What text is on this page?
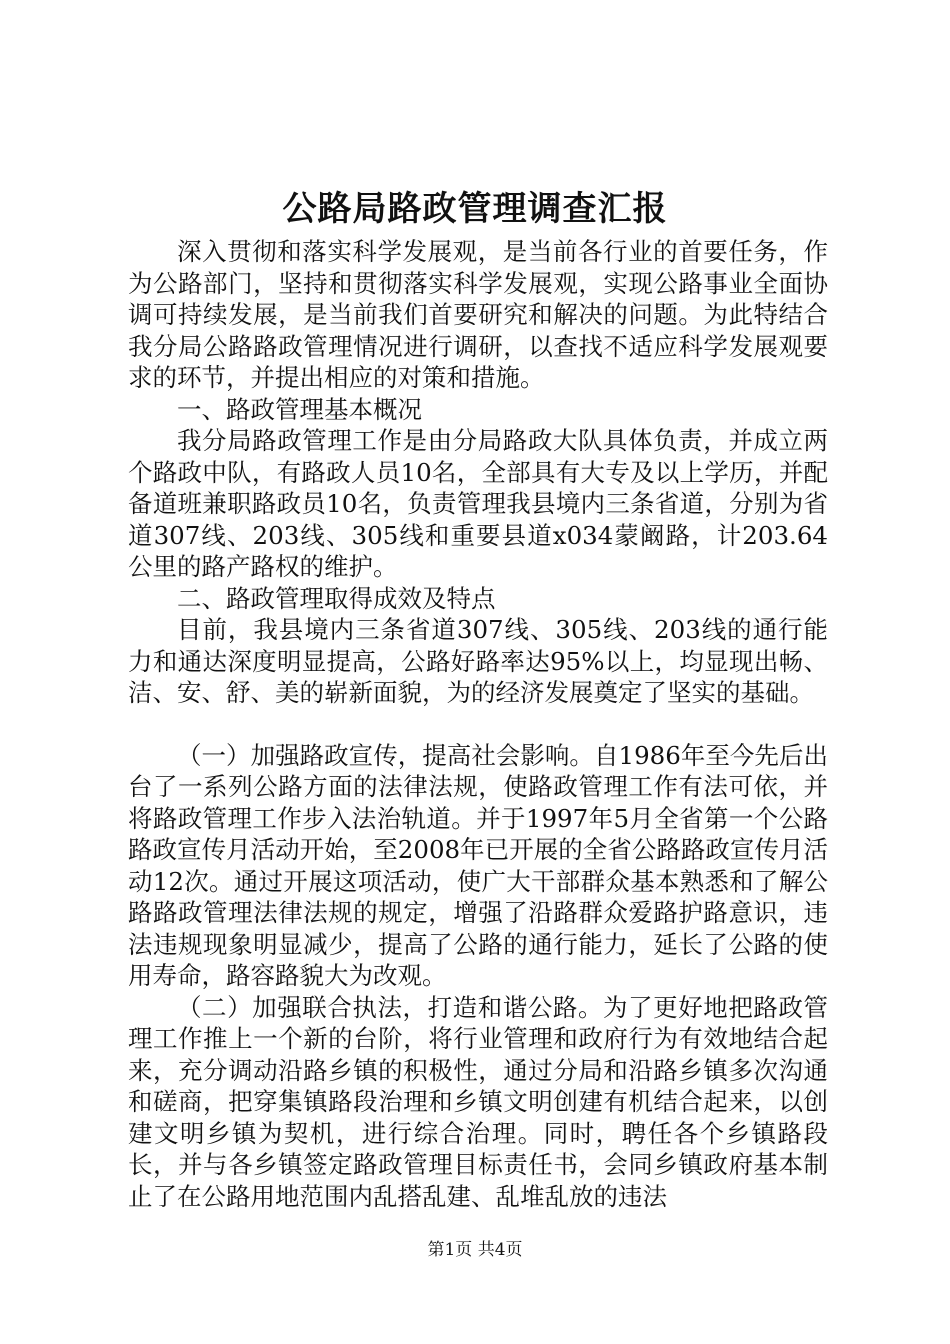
公路局路政管理调查汇报

深入贯彻和落实科学发展观，是当前各行业的首要任务，作为公路部门，坚持和贯彻落实科学发展观，实现公路事业全面协调可持续发展，是当前我们首要研究和解决的问题。为此特结合我分局公路路政管理情况进行调研，以查找不适应科学发展观要求的环节，并提出相应的对策和措施。

一、路政管理基本概况

我分局路政管理工作是由分局路政大队具体负责，并成立两个路政中队，有路政人员10名，全部具有大专及以上学历，并配备道班兼职路政员10名，负责管理我县境内三条省道，分别为省道307线、203线、305线和重要县道x034蒙阚路，计203.64公里的路产路权的维护。

二、路政管理取得成效及特点

目前，我县境内三条省道307线、305线、203线的通行能力和通达深度明显提高，公路好路率达95%以上，均显现出畅、洁、安、舒、美的崭新面貌，为的经济发展奠定了坚实的基础。

（一）加强路政宣传，提高社会影响。自1986年至今先后出台了一系列公路方面的法律法规，使路政管理工作有法可依，并将路政管理工作步入法治轨道。并于1997年5月全省第一个公路路政宣传月活动开始，至2008年已开展的全省公路路政宣传月活动12次。通过开展这项活动，使广大干部群众基本熟悉和了解公路路政管理法律法规的规定，增强了沿路群众爱路护路意识，违法违规现象明显减少，提高了公路的通行能力，延长了公路的使用寿命，路容路貌大为改观。

（二）加强联合执法，打造和谐公路。为了更好地把路政管理工作推上一个新的台阶，将行业管理和政府行为有效地结合起来，充分调动沿路乡镇的积极性，通过分局和沿路乡镇多次沟通和磋商，把穿集镇路段治理和乡镇文明创建有机结合起来，以创建文明乡镇为契机，进行综合治理。同时，聘任各个乡镇路段长，并与各乡镇签定路政管理目标责任书，会同乡镇政府基本制止了在公路用地范围内乱搭乱建、乱堆乱放的违法

第1页 共4页
